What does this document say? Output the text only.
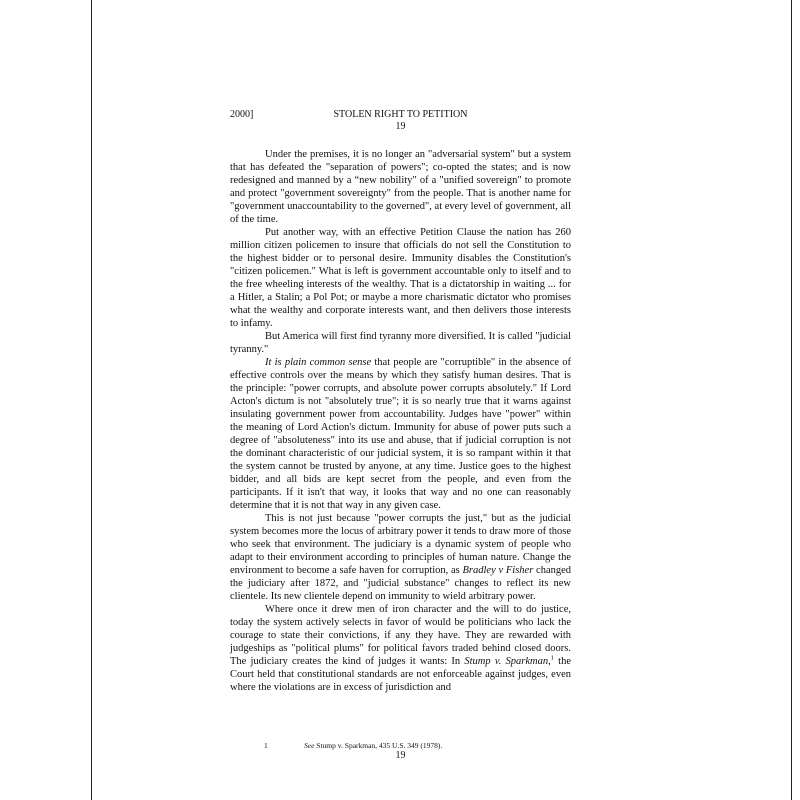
2000]	STOLEN RIGHT TO PETITION
19

Under the premises, it is no longer an "adversarial system" but a system that has defeated the "separation of powers"; co-opted the states; and is now redesigned and manned by a “new nobility" of a "unified sovereign" to promote and protect "government sovereignty" from the people. That is another name for "government unaccountability to the governed", at every level of government, all of the time.

Put another way, with an effective Petition Clause the nation has 260 million citizen policemen to insure that officials do not sell the Constitution to the highest bidder or to personal desire. Immunity disables the Constitution's "citizen policemen." What is left is government accountable only to itself and to the free wheeling interests of the wealthy. That is a dictatorship in waiting ... for a Hitler, a Stalin; a Pol Pot; or maybe a more charismatic dictator who promises what the wealthy and corporate interests want, and then delivers those interests to infamy.

But America will first find tyranny more diversified. It is called "judicial tyranny."

It is plain common sense that people are "corruptible" in the absence of effective controls over the means by which they satisfy human desires. That is the principle: "power corrupts, and absolute power corrupts absolutely." If Lord Acton's dictum is not "absolutely true"; it is so nearly true that it warns against insulating government power from accountability. Judges have "power" within the meaning of Lord Action's dictum. Immunity for abuse of power puts such a degree of "absoluteness" into its use and abuse, that if judicial corruption is not the dominant characteristic of our judicial system, it is so rampant within it that the system cannot be trusted by anyone, at any time. Justice goes to the highest bidder, and all bids are kept secret from the people, and even from the participants. If it isn't that way, it looks that way and no one can reasonably determine that it is not that way in any given case.

This is not just because "power corrupts the just," but as the judicial system becomes more the locus of arbitrary power it tends to draw more of those who seek that environment. The judiciary is a dynamic system of people who adapt to their environment according to principles of human nature. Change the environment to become a safe haven for corruption, as Bradley v Fisher changed the judiciary after 1872, and "judicial substance" changes to reflect its new clientele. Its new clientele depend on immunity to wield arbitrary power.

Where once it drew men of iron character and the will to do justice, today the system actively selects in favor of would be politicians who lack the courage to state their convictions, if any they have. They are rewarded with judgeships as "political plums" for political favors traded behind closed doors. The judiciary creates the kind of judges it wants: In Stump v. Sparkman,$^1$ the Court held that constitutional standards are not enforceable against judges, even where the violations are in excess of jurisdiction and

1	See Stump v. Sparkman, 435 U.S. 349 (1978).
19
